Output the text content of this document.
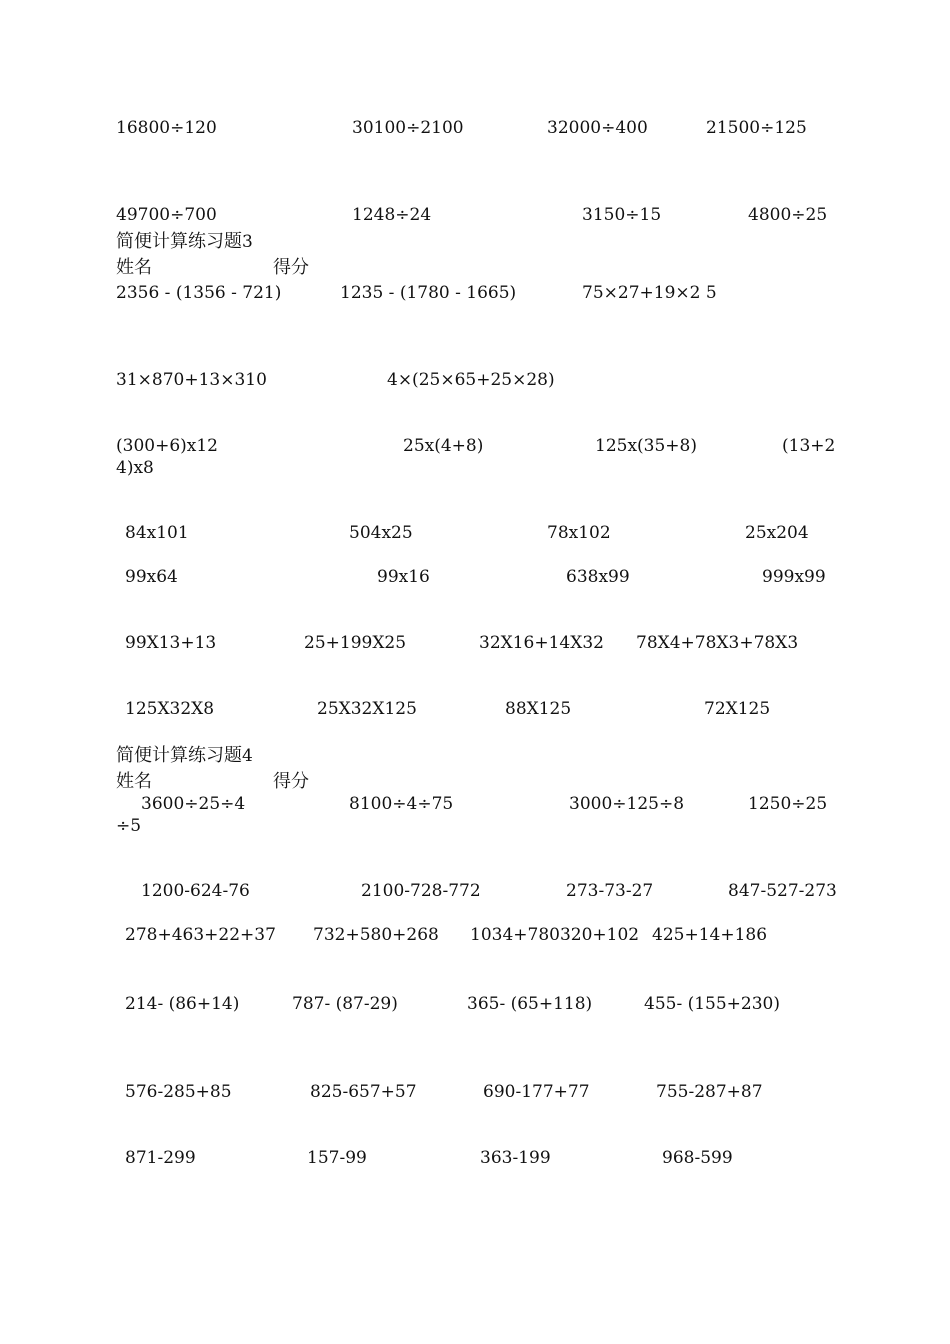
16800÷120	30100÷2100	32000÷400	21500÷125
49700÷700	1248÷24	3150÷15	4800÷25
简便计算练习题3
姓名	得分
2356 - (1356 - 721)	1235 - (1780 - 1665)	75×27+19×2 5
31×870+13×310	4×(25×65+25×28)
(300+6)x12	25x(4+8)	125x(35+8)	(13+2
4)x8
84x101	504x25	78x102	25x204
99x64	99x16	638x99	999x99
99X13+13	25+199X25	32X16+14X32 78X4+78X3+78X3
125X32X8	25X32X125	88X125	72X125
简便计算练习题4
姓名	得分
3600÷25÷4	8100÷4÷75	3000÷125÷8	1250÷25
÷5
1200-624-76	2100-728-772	273-73-27	847-527-273
278+463+22+37 732+580+268 1034+780320+102 425+14+186
214- (86+14)	787- (87-29)	365- (65+118)	455- (155+230)
576-285+85	825-657+57	690-177+77	755-287+87
871-299	157-99	363-199	968-599
